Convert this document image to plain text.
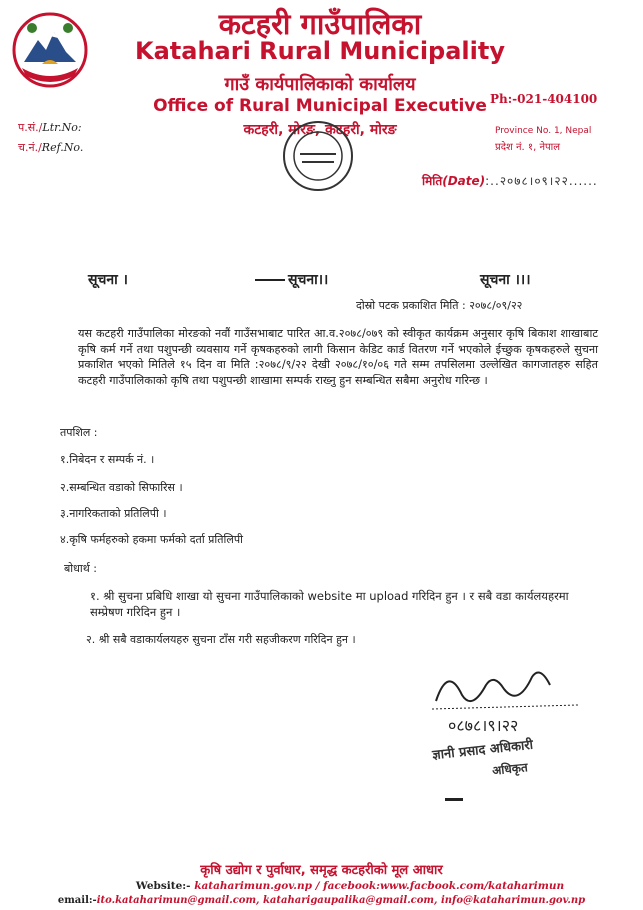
कटहरी गाउँपालिका
Katahari Rural Municipality
गाउँ कार्यपालिकाको कार्यालय
Office of Rural Municipal Executive
कटहरी, मोरङ, कटहरी, मोरङ
Ph:-021-404100
Province No. 1, Nepal
प्रदेश नं. १, नेपाल
प.सं./Ltr.No:
च.नं./Ref.No.
मिति(Date):..२०७८।०९।२२......
सूचना ।	सूचना।।	सूचना ।।।
दोस्रो पटक प्रकाशित मिति : २०७८/०९/२२
यस कटहरी गाउँपालिका मोरङको नवौं गाउँसभाबाट पारित आ.व.२०७८/०७९ को स्वीकृत कार्यक्रम अनुसार कृषि बिकाश शाखाबाट कृषि कर्म गर्ने तथा पशुपन्छी व्यवसाय गर्ने कृषकहरुको लागी किसान केडिट कार्ड वितरण गर्ने भएकोले ईच्छुक कृषकहरुले सुचना प्रकाशित भएको मितिले १५ दिन वा मिति :२०७८/९/२२ देखी २०७८/१०/०६ गते सम्म तपसिलमा उल्लेखित कागजातहरु सहित कटहरी गाउँपालिकाको कृषि तथा पशुपन्छी शाखामा सम्पर्क राख्नु हुन सम्बन्धित सबैमा अनुरोध गरिन्छ ।
तपशिल :
१.निबेदन र सम्पर्क नं. ।
२.सम्बन्धित वडाको सिफारिस ।
३.नागरिकताको प्रतिलिपी ।
४.कृषि फर्महरुको हकमा फर्मको दर्ता प्रतिलिपी
बोधार्थ :
१. श्री सुचना प्रबिधि शाखा यो सुचना गाउँपालिकाको website मा upload गरिदिन हुन । र सबै वडा कार्यलयहरमा सम्प्रेषण गरिदिन हुन ।
२. श्री सबै वडाकार्यलयहरु सुचना टाँस गरी सहजीकरण गरिदिन हुन ।
०८७८।९।२२
ज्ञानी प्रसाद अधिकारी
अधिकृत
कृषि उद्योग र पुर्वाधार, समृद्ध कटहरीको मूल आधार
Website:- kataharimun.gov.np / facebook:www.facbook.com/kataharimun
email:-ito.kataharimun@gmail.com, kataharigaupalika@gmail.com, info@kataharimun.gov.np
